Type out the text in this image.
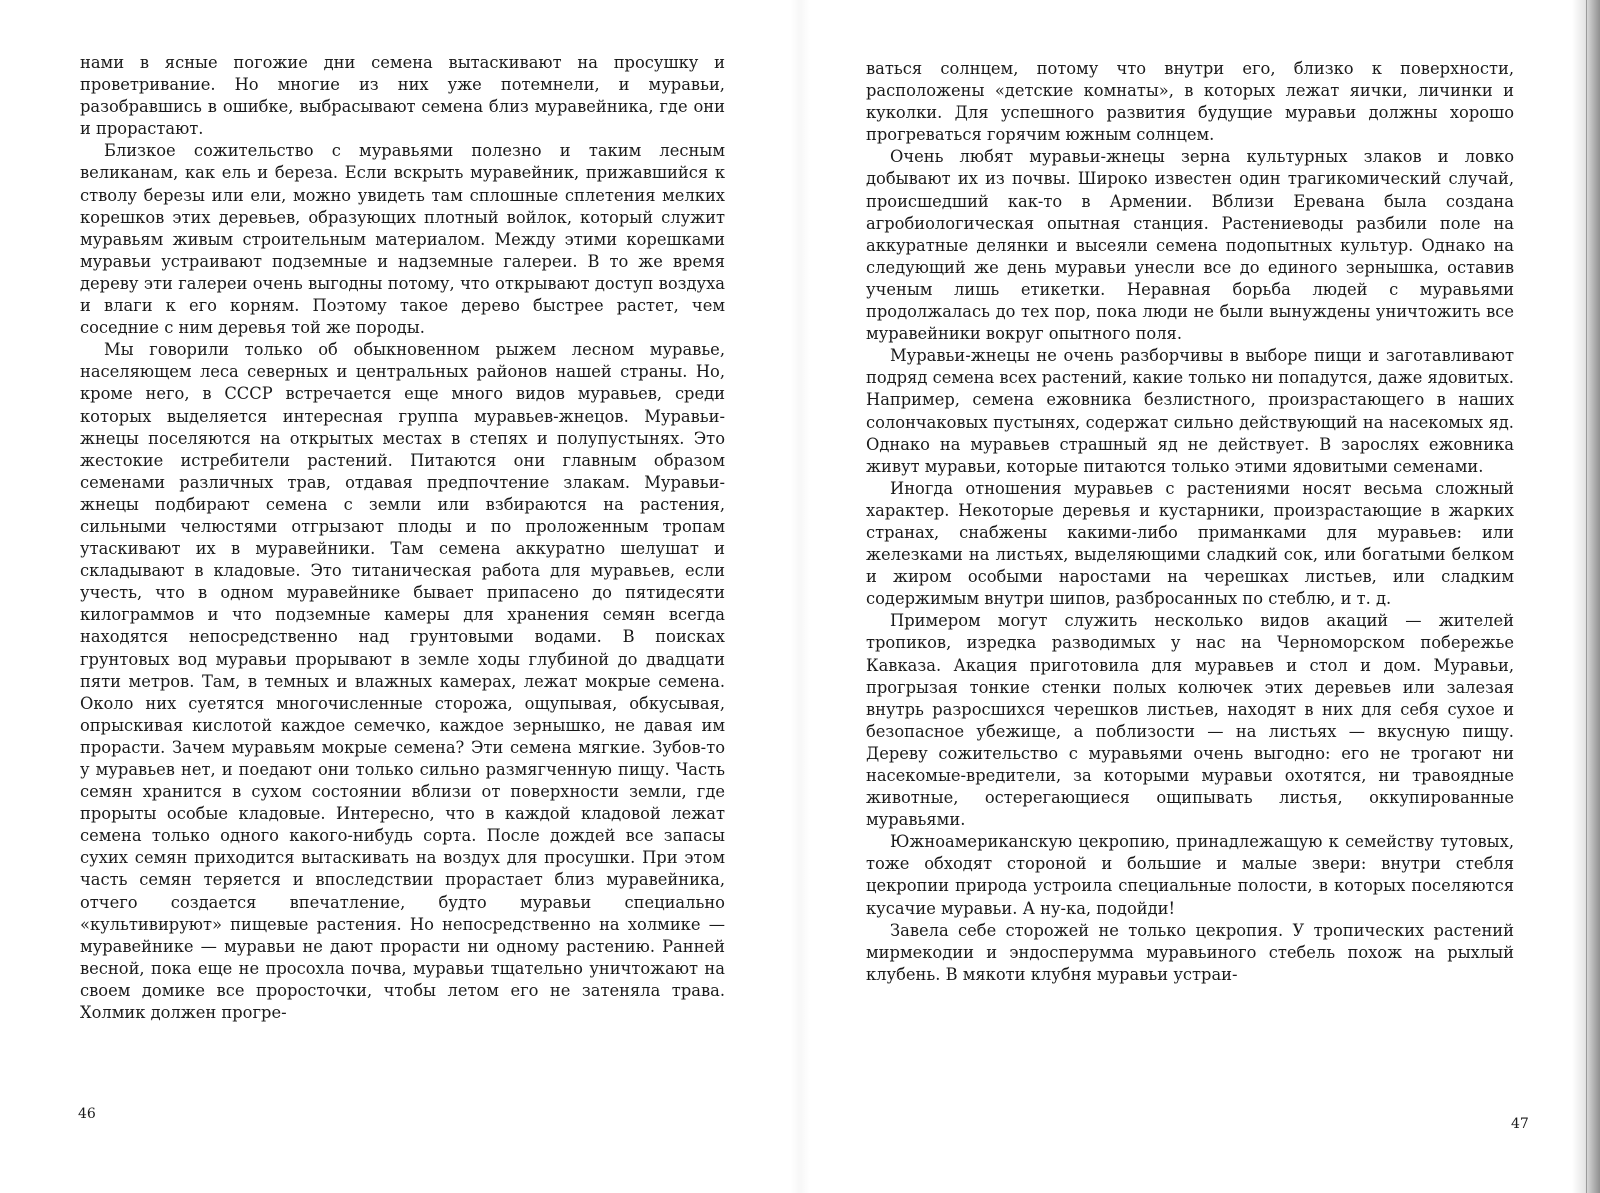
нами в ясные погожие дни семена вытаскивают на просушку и проветривание. Но многие из них уже потемнели, и муравьи, разобравшись в ошибке, выбрасывают семена близ муравейника, где они и прорастают.

Близкое сожительство с муравьями полезно и таким лесным великанам, как ель и береза. Если вскрыть муравейник, прижавшийся к стволу березы или ели, можно увидеть там сплошные сплетения мелких корешков этих деревьев, образующих плотный войлок, который служит муравьям живым строительным материалом. Между этими корешками муравьи устраивают подземные и надземные галереи. В то же время дереву эти галереи очень выгодны потому, что открывают доступ воздуха и влаги к его корням. Поэтому такое дерево быстрее растет, чем соседние с ним деревья той же породы.

Мы говорили только об обыкновенном рыжем лесном муравье, населяющем леса северных и центральных районов нашей страны. Но, кроме него, в СССР встречается еще много видов муравьев, среди которых выделяется интересная группа муравьев-жнецов. Муравьи-жнецы поселяются на открытых местах в степях и полупустынях. Это жестокие истребители растений. Питаются они главным образом семенами различных трав, отдавая предпочтение злакам. Муравьи-жнецы подбирают семена с земли или взбираются на растения, сильными челюстями отгрызают плоды и по проложенным тропам утаскивают их в муравейники. Там семена аккуратно шелушат и складывают в кладовые. Это титаническая работа для муравьев, если учесть, что в одном муравейнике бывает припасено до пятидесяти килограммов и что подземные камеры для хранения семян всегда находятся непосредственно над грунтовыми водами. В поисках грунтовых вод муравьи прорывают в земле ходы глубиной до двадцати пяти метров. Там, в темных и влажных камерах, лежат мокрые семена. Около них суетятся многочисленные сторожа, ощупывая, обкусывая, опрыскивая кислотой каждое семечко, каждое зернышко, не давая им прорасти. Зачем муравьям мокрые семена? Эти семена мягкие. Зубов-то у муравьев нет, и поедают они только сильно размягченную пищу. Часть семян хранится в сухом состоянии вблизи от поверхности земли, где прорыты особые кладовые. Интересно, что в каждой кладовой лежат семена только одного какого-нибудь сорта. После дождей все запасы сухих семян приходится вытаскивать на воздух для просушки. При этом часть семян теряется и впоследствии прорастает близ муравейника, отчего создается впечатление, будто муравьи специально «культивируют» пищевые растения. Но непосредственно на холмике — муравейнике — муравьи не дают прорасти ни одному растению. Ранней весной, пока еще не просохла почва, муравьи тщательно уничтожают на своем домике все проросточки, чтобы летом его не затеняла трава. Холмик должен прогре-

46

ваться солнцем, потому что внутри его, близко к поверхности, расположены «детские комнаты», в которых лежат яички, личинки и куколки. Для успешного развития будущие муравьи должны хорошо прогреваться горячим южным солнцем.

Очень любят муравьи-жнецы зерна культурных злаков и ловко добывают их из почвы. Широко известен один трагикомический случай, происшедший как-то в Армении. Вблизи Еревана была создана агробиологическая опытная станция. Растениеводы разбили поле на аккуратные делянки и высеяли семена подопытных культур. Однако на следующий же день муравьи унесли все до единого зернышка, оставив ученым лишь етикетки. Неравная борьба людей с муравьями продолжалась до тех пор, пока люди не были вынуждены уничтожить все муравейники вокруг опытного поля.

Муравьи-жнецы не очень разборчивы в выборе пищи и заготавливают подряд семена всех растений, какие только ни попадутся, даже ядовитых. Например, семена ежовника безлистного, произрастающего в наших солончаковых пустынях, содержат сильно действующий на насекомых яд. Однако на муравьев страшный яд не действует. В зарослях ежовника живут муравьи, которые питаются только этими ядовитыми семенами.

Иногда отношения муравьев с растениями носят весьма сложный характер. Некоторые деревья и кустарники, произрастающие в жарких странах, снабжены какими-либо приманками для муравьев: или железками на листьях, выделяющими сладкий сок, или богатыми белком и жиром особыми наростами на черешках листьев, или сладким содержимым внутри шипов, разбросанных по стеблю, и т. д.

Примером могут служить несколько видов акаций — жителей тропиков, изредка разводимых у нас на Черноморском побережье Кавказа. Акация приготовила для муравьев и стол и дом. Муравьи, прогрызая тонкие стенки полых колючек этих деревьев или залезая внутрь разросшихся черешков листьев, находят в них для себя сухое и безопасное убежище, а поблизости — на листьях — вкусную пищу. Дереву сожительство с муравьями очень выгодно: его не трогают ни насекомые-вредители, за которыми муравьи охотятся, ни травоядные животные, остерегающиеся ощипывать листья, оккупированные муравьями.

Южноамериканскую цекропию, принадлежащую к семейству тутовых, тоже обходят стороной и большие и малые звери: внутри стебля цекропии природа устроила специальные полости, в которых поселяются кусачие муравьи. А ну-ка, подойди!

Завела себе сторожей не только цекропия. У тропических растений мирмекодии и эндосперумма муравьиного стебель похож на рыхлый клубень. В мякоти клубня муравьи устраи-

47
